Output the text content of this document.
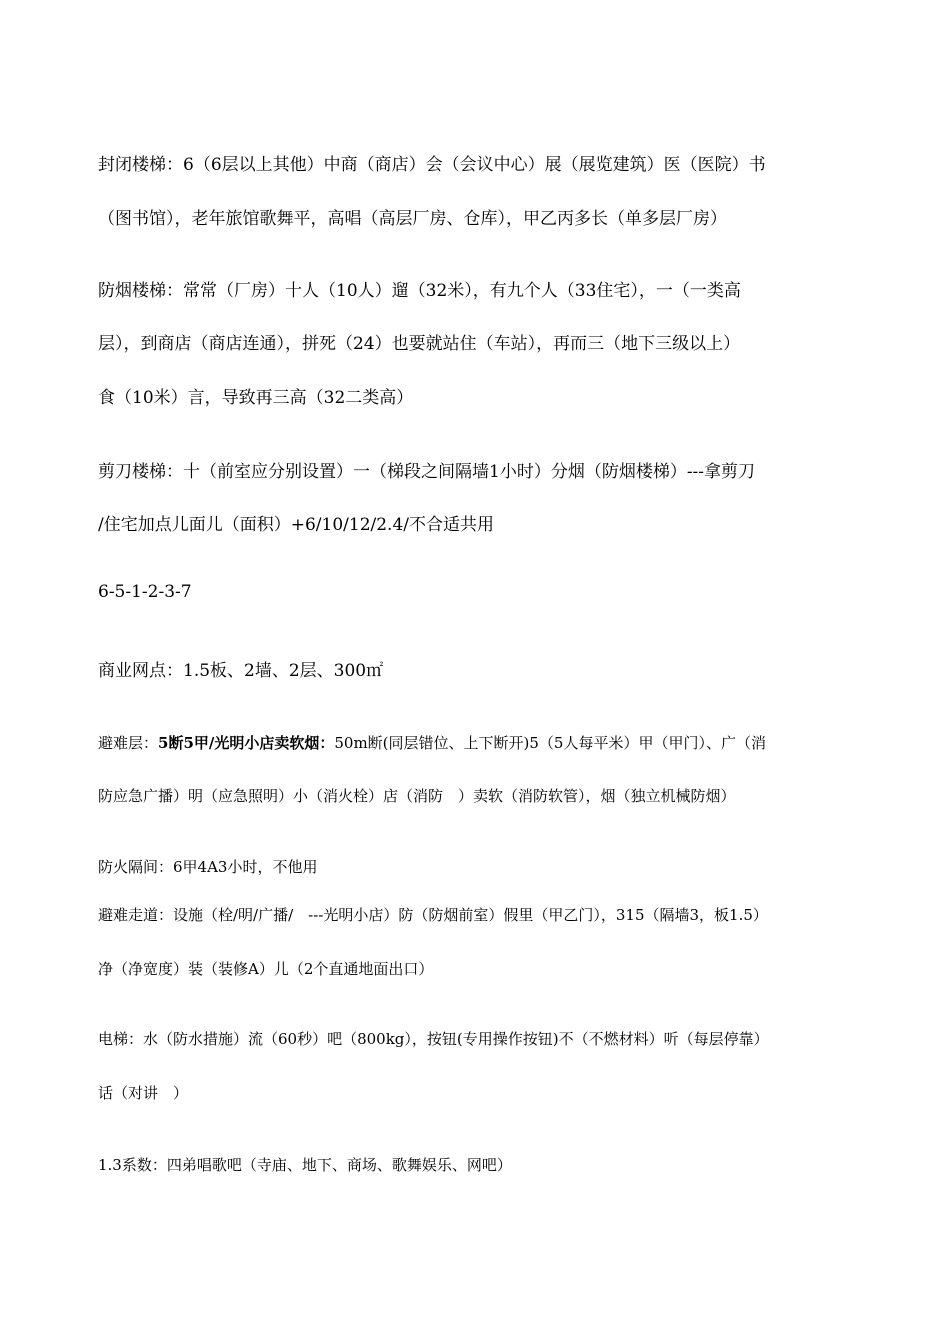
封闭楼梯：6（6层以上其他）中商（商店）会（会议中心）展（展览建筑）医（医院）书
（图书馆），老年旅馆歌舞平，高唱（高层厂房、仓库），甲乙丙多长（单多层厂房）
防烟楼梯：常常（厂房）十人（10人）遛（32米），有九个人（33住宅），一（一类高
层），到商店（商店连通），拼死（24）也要就站住（车站），再而三（地下三级以上）
食（10米）言，导致再三高（32二类高）
剪刀楼梯：十（前室应分别设置）一（梯段之间隔墙1小时）分烟（防烟楼梯）---拿剪刀
/住宅加点儿面儿（面积）+6/10/12/2.4/不合适共用
6-5-1-2-3-7
商业网点：1.5板、2墙、2层、300㎡
避难层：5断5甲/光明小店卖软烟：50m断(同层错位、上下断开)5（5人每平米）甲（甲门）、广（消
防应急广播）明（应急照明）小（消火栓）店（消防　）卖软（消防软管），烟（独立机械防烟）
防火隔间：6甲4A3小时，不他用
避难走道：设施（栓/明/广播/　---光明小店）防（防烟前室）假里（甲乙门），315（隔墙3，板1.5）
净（净宽度）装（装修A）儿（2个直通地面出口）
电梯：水（防水措施）流（60秒）吧（800kg），按钮(专用操作按钮)不（不燃材料）听（每层停靠）
话（对讲　）
1.3系数：四弟唱歌吧（寺庙、地下、商场、歌舞娱乐、网吧）
